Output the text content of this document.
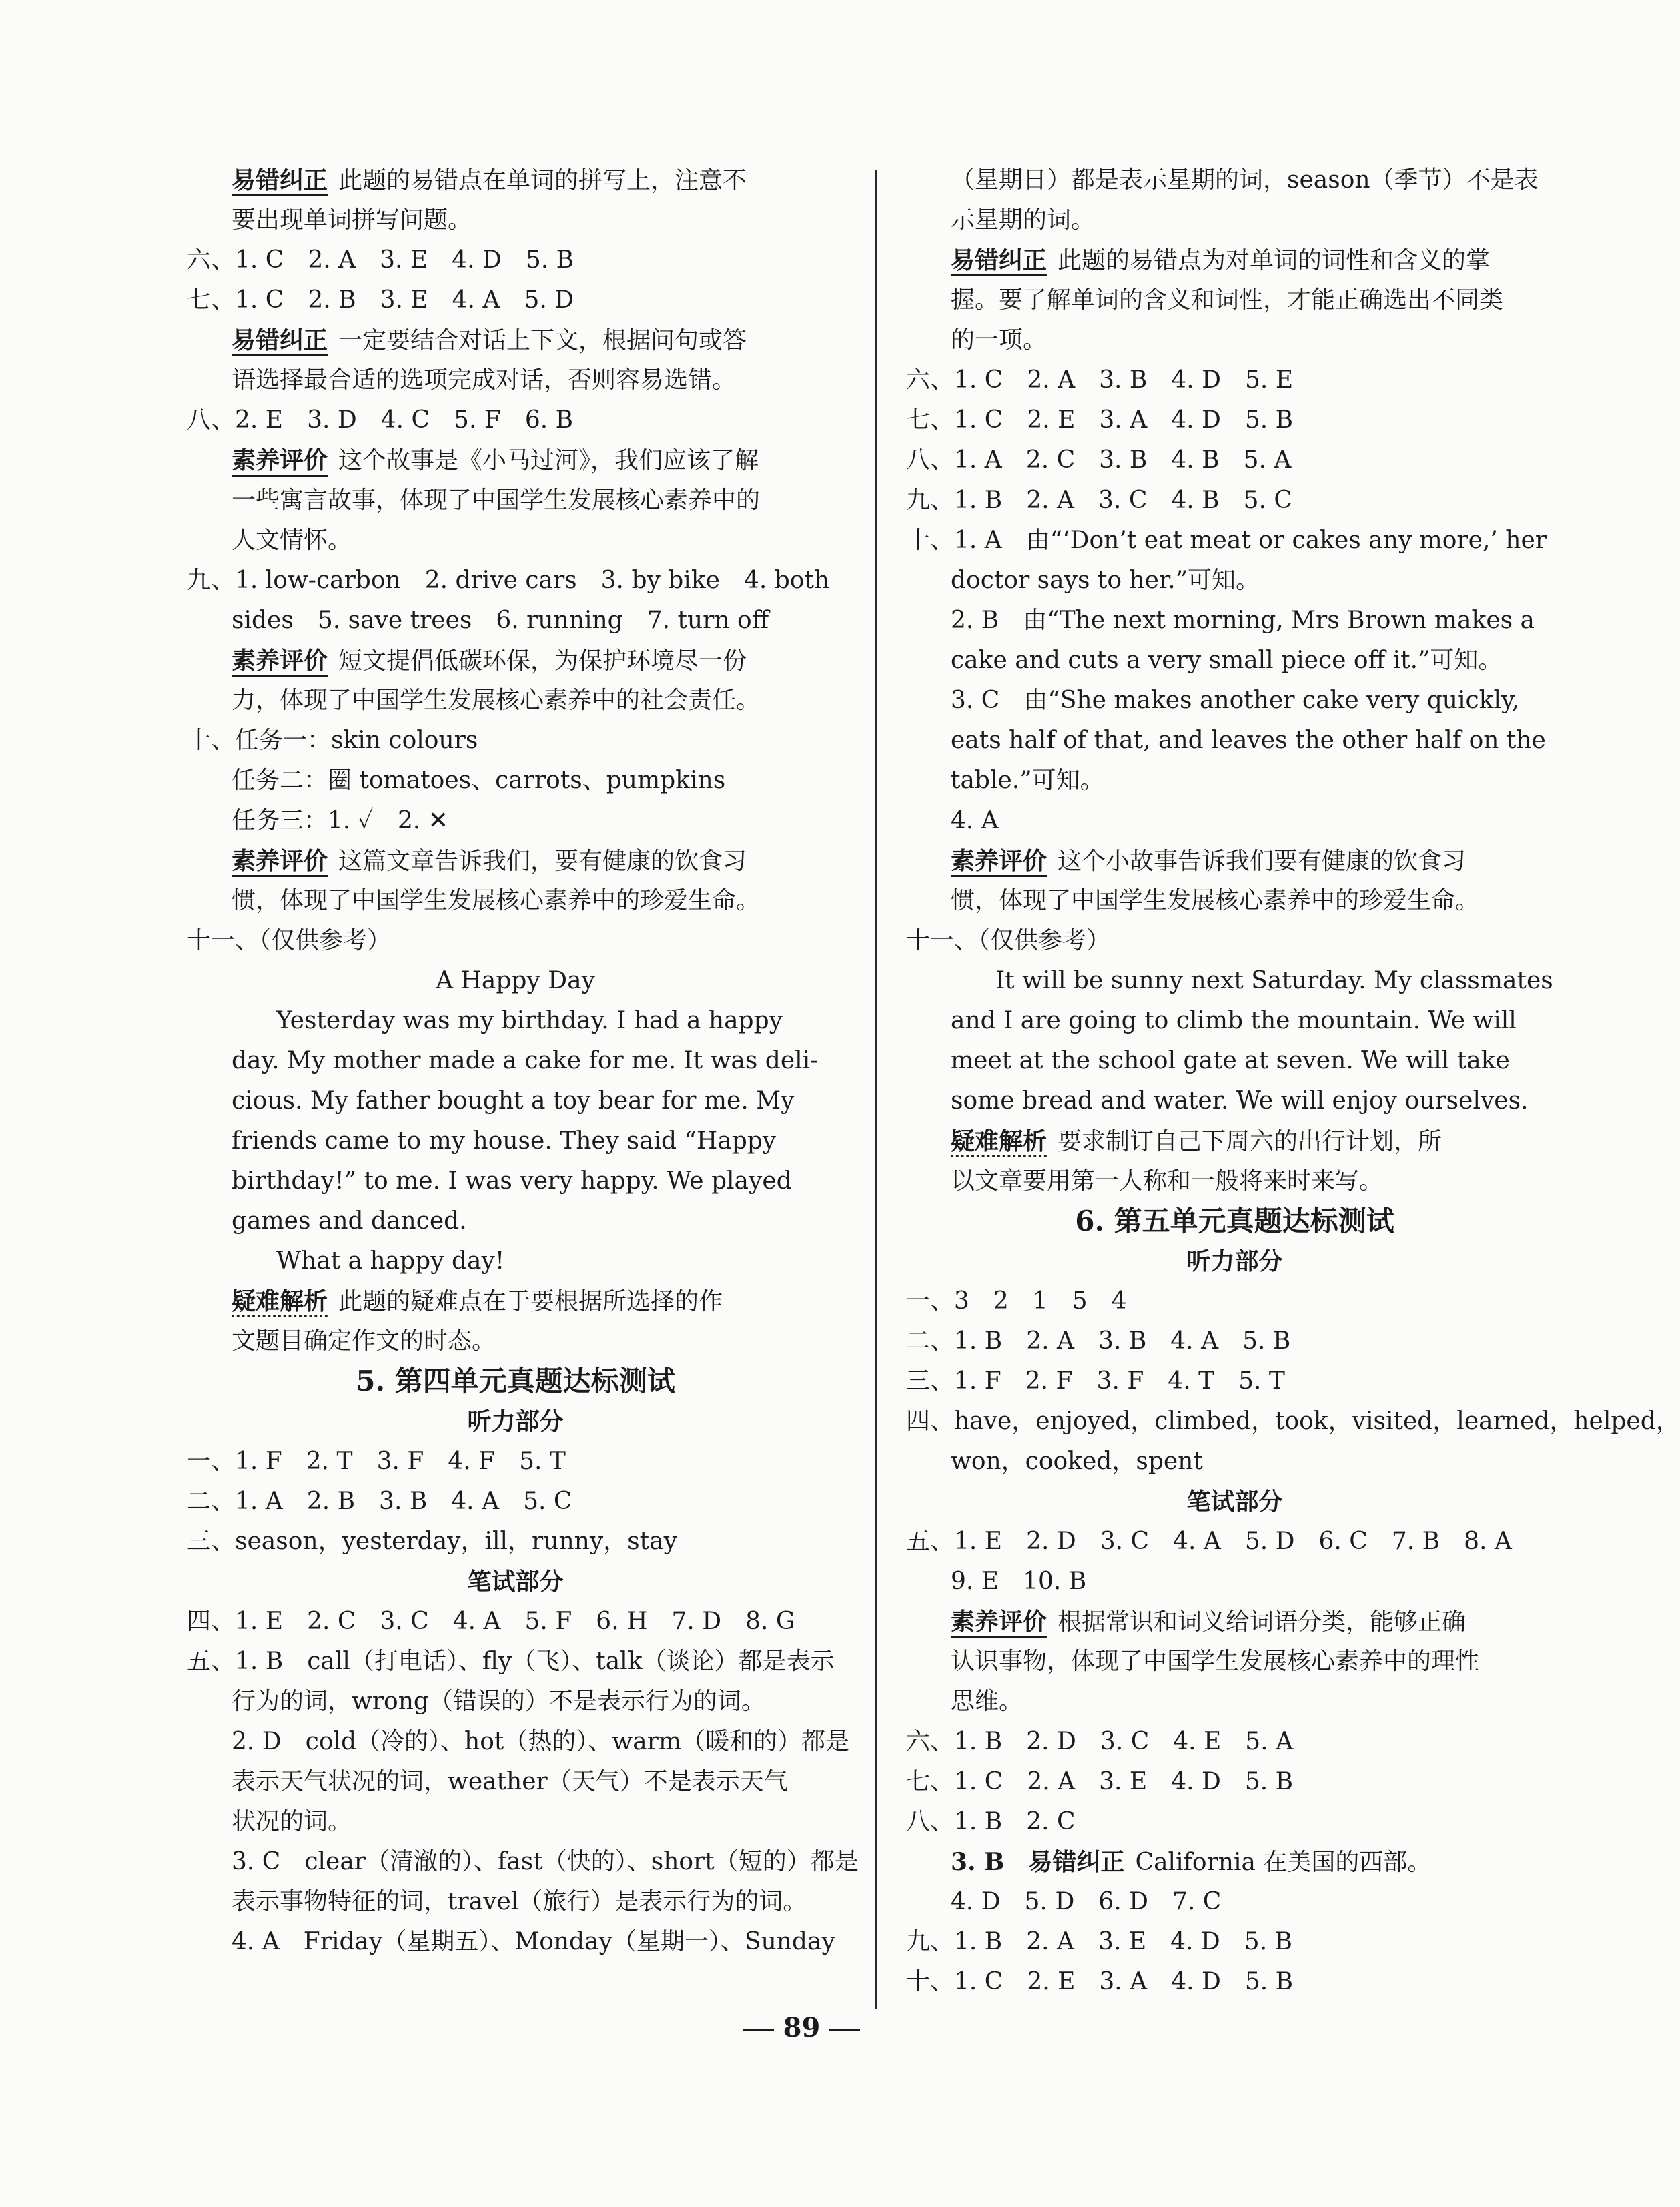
易错纠正 此题的易错点在单词的拼写上，注意不
要出现单词拼写问题。
六、1. C　2. A　3. E　4. D　5. B
七、1. C　2. B　3. E　4. A　5. D
易错纠正 一定要结合对话上下文，根据问句或答
语选择最合适的选项完成对话，否则容易选错。
八、2. E　3. D　4. C　5. F　6. B
素养评价 这个故事是《小马过河》，我们应该了解
一些寓言故事，体现了中国学生发展核心素养中的
人文情怀。
九、1. low-carbon　2. drive cars　3. by bike　4. both
sides　5. save trees　6. running　7. turn off
素养评价 短文提倡低碳环保，为保护环境尽一份
力，体现了中国学生发展核心素养中的社会责任。
十、任务一：skin colours
任务二：圈 tomatoes、carrots、pumpkins
任务三：1. ✓　2. ✕
素养评价 这篇文章告诉我们，要有健康的饮食习
惯，体现了中国学生发展核心素养中的珍爱生命。
十一、（仅供参考）
A Happy Day
Yesterday was my birthday. I had a happy
day. My mother made a cake for me. It was deli-
cious. My father bought a toy bear for me. My
friends came to my house. They said “Happy
birthday!” to me. I was very happy. We played
games and danced.
What a happy day!
疑难解析 此题的疑难点在于要根据所选择的作
文题目确定作文的时态。
5. 第四单元真题达标测试
听力部分
一、1. F　2. T　3. F　4. F　5. T
二、1. A　2. B　3. B　4. A　5. C
三、season，yesterday，ill，runny，stay
笔试部分
四、1. E　2. C　3. C　4. A　5. F　6. H　7. D　8. G
五、1. B　call（打电话）、fly（飞）、talk（谈论）都是表示
行为的词，wrong（错误的）不是表示行为的词。
2. D　cold（冷的）、hot（热的）、warm（暖和的）都是
表示天气状况的词，weather（天气）不是表示天气
状况的词。
3. C　clear（清澈的）、fast（快的）、short（短的）都是
表示事物特征的词，travel（旅行）是表示行为的词。
4. A　Friday（星期五）、Monday（星期一）、Sunday
（星期日）都是表示星期的词，season（季节）不是表
示星期的词。
易错纠正 此题的易错点为对单词的词性和含义的掌
握。要了解单词的含义和词性，才能正确选出不同类
的一项。
六、1. C　2. A　3. B　4. D　5. E
七、1. C　2. E　3. A　4. D　5. B
八、1. A　2. C　3. B　4. B　5. A
九、1. B　2. A　3. C　4. B　5. C
十、1. A　由“‘Don’t eat meat or cakes any more,’ her
doctor says to her.”可知。
2. B　由“The next morning, Mrs Brown makes a
cake and cuts a very small piece off it.”可知。
3. C　由“She makes another cake very quickly,
eats half of that, and leaves the other half on the
table.”可知。
4. A
素养评价 这个小故事告诉我们要有健康的饮食习
惯，体现了中国学生发展核心素养中的珍爱生命。
十一、（仅供参考）
It will be sunny next Saturday. My classmates
and I are going to climb the mountain. We will
meet at the school gate at seven. We will take
some bread and water. We will enjoy ourselves.
疑难解析 要求制订自己下周六的出行计划，所
以文章要用第一人称和一般将来时来写。
6. 第五单元真题达标测试
听力部分
一、3　2　1　5　4
二、1. B　2. A　3. B　4. A　5. B
三、1. F　2. F　3. F　4. T　5. T
四、have，enjoyed，climbed，took，visited，learned，helped，
won，cooked，spent
笔试部分
五、1. E　2. D　3. C　4. A　5. D　6. C　7. B　8. A
9. E　10. B
素养评价 根据常识和词义给词语分类，能够正确
认识事物，体现了中国学生发展核心素养中的理性
思维。
六、1. B　2. D　3. C　4. E　5. A
七、1. C　2. A　3. E　4. D　5. B
八、1. B　2. C
3. B　易错纠正 California 在美国的西部。
4. D　5. D　6. D　7. C
九、1. B　2. A　3. E　4. D　5. B
十、1. C　2. E　3. A　4. D　5. B
89
